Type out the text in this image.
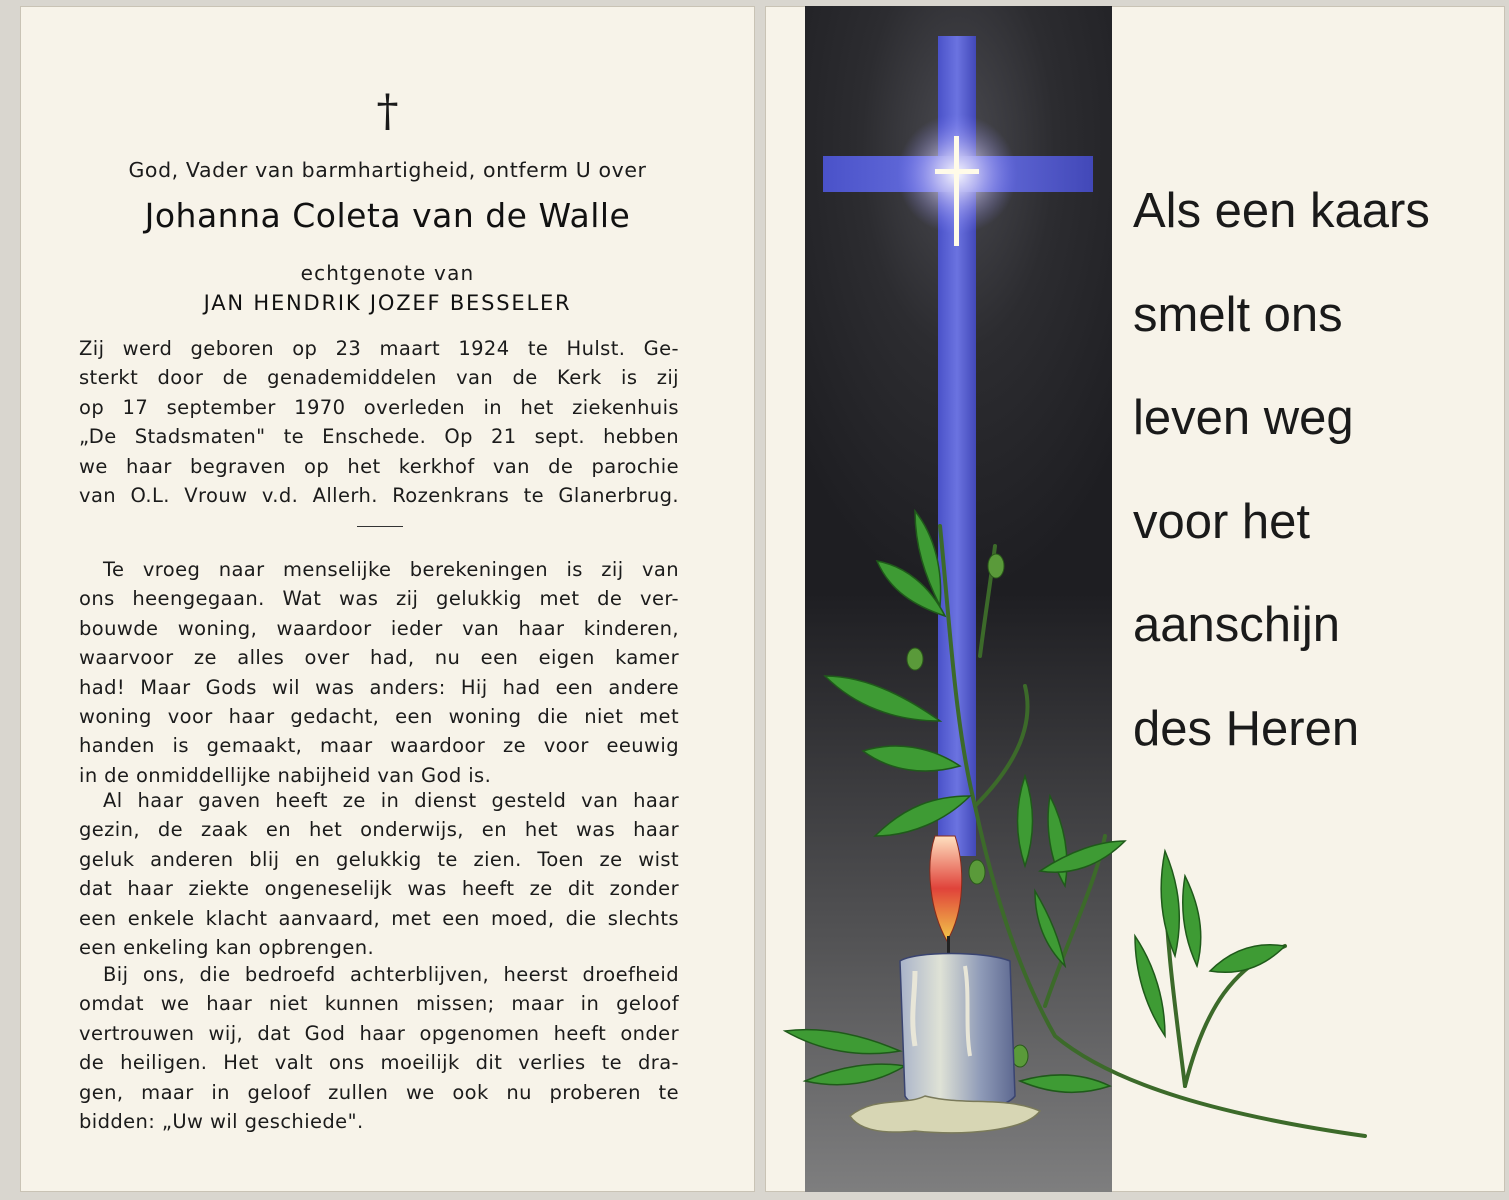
†
God, Vader van barmhartigheid, ontferm U over
Johanna Coleta van de Walle
echtgenote van
JAN HENDRIK JOZEF BESSELER
Zij werd geboren op 23 maart 1924 te Hulst. Ge-
sterkt door de genademiddelen van de Kerk is zij
op 17 september 1970 overleden in het ziekenhuis
„De Stadsmaten" te Enschede. Op 21 sept. hebben
we haar begraven op het kerkhof van de parochie
van O.L. Vrouw v.d. Allerh. Rozenkrans te Glanerbrug.
Te vroeg naar menselijke berekeningen is zij van
ons heengegaan. Wat was zij gelukkig met de ver-
bouwde woning, waardoor ieder van haar kinderen,
waarvoor ze alles over had, nu een eigen kamer
had! Maar Gods wil was anders: Hij had een andere
woning voor haar gedacht, een woning die niet met
handen is gemaakt, maar waardoor ze voor eeuwig
in de onmiddellijke nabijheid van God is.
Al haar gaven heeft ze in dienst gesteld van haar
gezin, de zaak en het onderwijs, en het was haar
geluk anderen blij en gelukkig te zien. Toen ze wist
dat haar ziekte ongeneselijk was heeft ze dit zonder
een enkele klacht aanvaard, met een moed, die slechts
een enkeling kan opbrengen.
Bij ons, die bedroefd achterblijven, heerst droefheid
omdat we haar niet kunnen missen; maar in geloof
vertrouwen wij, dat God haar opgenomen heeft onder
de heiligen. Het valt ons moeilijk dit verlies te dra-
gen, maar in geloof zullen we ook nu proberen te
bidden: „Uw wil geschiede".
Als een kaars
smelt ons
leven weg
voor het
aanschijn
des Heren
